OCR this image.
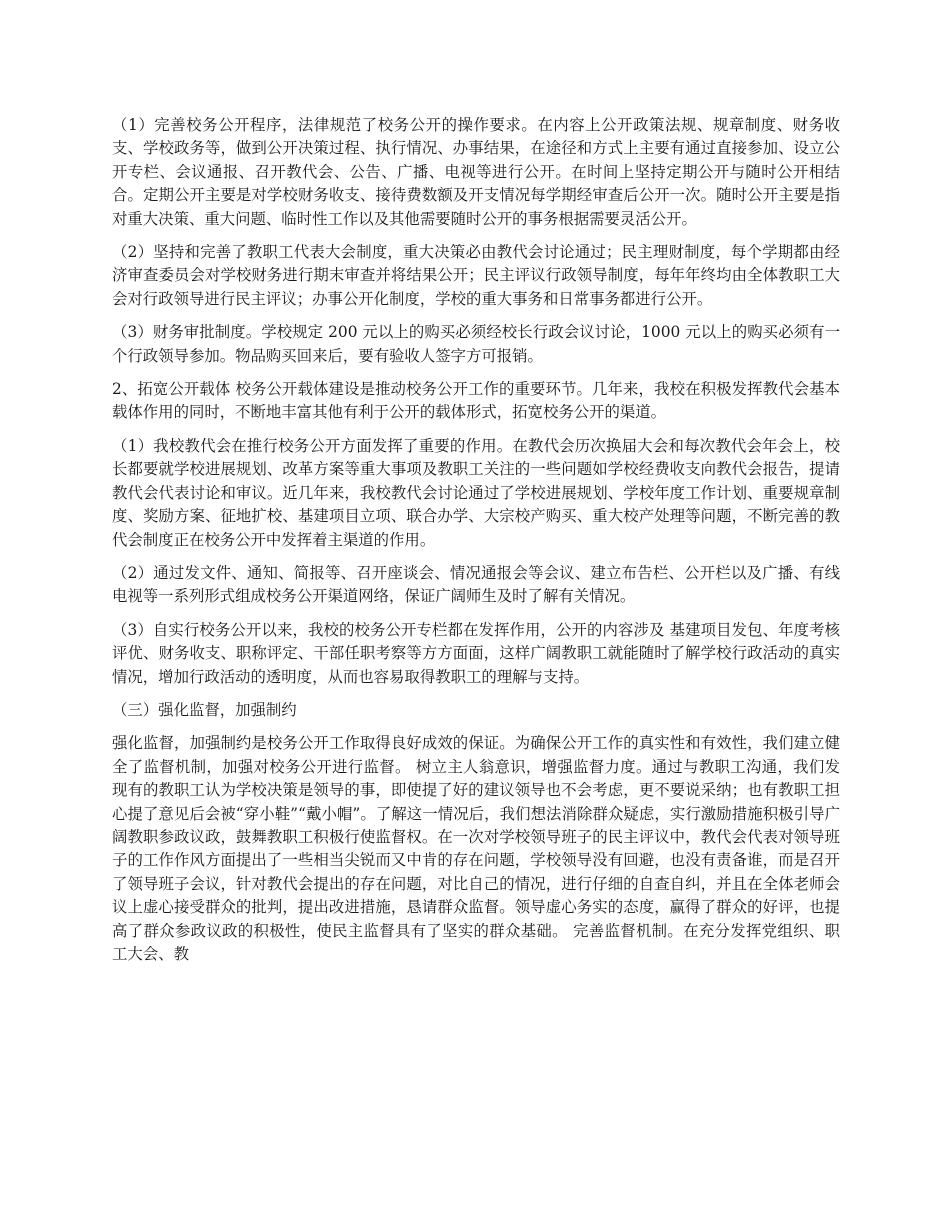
（1）完善校务公开程序，法律规范了校务公开的操作要求。在内容上公开政策法规、规章制度、财务收支、学校政务等，做到公开决策过程、执行情况、办事结果，在途径和方式上主要有通过直接参加、设立公开专栏、会议通报、召开教代会、公告、广播、电视等进行公开。在时间上坚持定期公开与随时公开相结合。定期公开主要是对学校财务收支、接待费数额及开支情况每学期经审查后公开一次。随时公开主要是指对重大决策、重大问题、临时性工作以及其他需要随时公开的事务根据需要灵活公开。

（2）坚持和完善了教职工代表大会制度，重大决策必由教代会讨论通过；民主理财制度，每个学期都由经济审查委员会对学校财务进行期末审查并将结果公开；民主评议行政领导制度，每年年终均由全体教职工大会对行政领导进行民主评议；办事公开化制度，学校的重大事务和日常事务都进行公开。

（3）财务审批制度。学校规定 200 元以上的购买必须经校长行政会议讨论，1000 元以上的购买必须有一个行政领导参加。物品购买回来后，要有验收人签字方可报销。

2、拓宽公开载体 校务公开载体建设是推动校务公开工作的重要环节。几年来，我校在积极发挥教代会基本载体作用的同时，不断地丰富其他有利于公开的载体形式，拓宽校务公开的渠道。

（1）我校教代会在推行校务公开方面发挥了重要的作用。在教代会历次换届大会和每次教代会年会上，校长都要就学校进展规划、改革方案等重大事项及教职工关注的一些问题如学校经费收支向教代会报告，提请教代会代表讨论和审议。近几年来，我校教代会讨论通过了学校进展规划、学校年度工作计划、重要规章制度、奖励方案、征地扩校、基建项目立项、联合办学、大宗校产购买、重大校产处理等问题，不断完善的教代会制度正在校务公开中发挥着主渠道的作用。

（2）通过发文件、通知、简报等、召开座谈会、情况通报会等会议、建立布告栏、公开栏以及广播、有线电视等一系列形式组成校务公开渠道网络，保证广阔师生及时了解有关情况。

（3）自实行校务公开以来，我校的校务公开专栏都在发挥作用，公开的内容涉及 基建项目发包、年度考核评优、财务收支、职称评定、干部任职考察等方方面面，这样广阔教职工就能随时了解学校行政活动的真实情况，增加行政活动的透明度，从而也容易取得教职工的理解与支持。

（三）强化监督，加强制约

强化监督，加强制约是校务公开工作取得良好成效的保证。为确保公开工作的真实性和有效性，我们建立健全了监督机制，加强对校务公开进行监督。 树立主人翁意识，增强监督力度。通过与教职工沟通，我们发现有的教职工认为学校决策是领导的事，即使提了好的建议领导也不会考虑，更不要说采纳；也有教职工担心提了意见后会被“穿小鞋”“戴小帽”。了解这一情况后，我们想法消除群众疑虑，实行激励措施积极引导广阔教职参政议政，鼓舞教职工积极行使监督权。在一次对学校领导班子的民主评议中，教代会代表对领导班子的工作作风方面提出了一些相当尖锐而又中肯的存在问题，学校领导没有回避，也没有责备谁，而是召开了领导班子会议，针对教代会提出的存在问题，对比自己的情况，进行仔细的自查自纠，并且在全体老师会议上虚心接受群众的批判，提出改进措施，恳请群众监督。领导虚心务实的态度，赢得了群众的好评，也提高了群众参政议政的积极性，使民主监督具有了坚实的群众基础。 完善监督机制。在充分发挥党组织、职工大会、教
